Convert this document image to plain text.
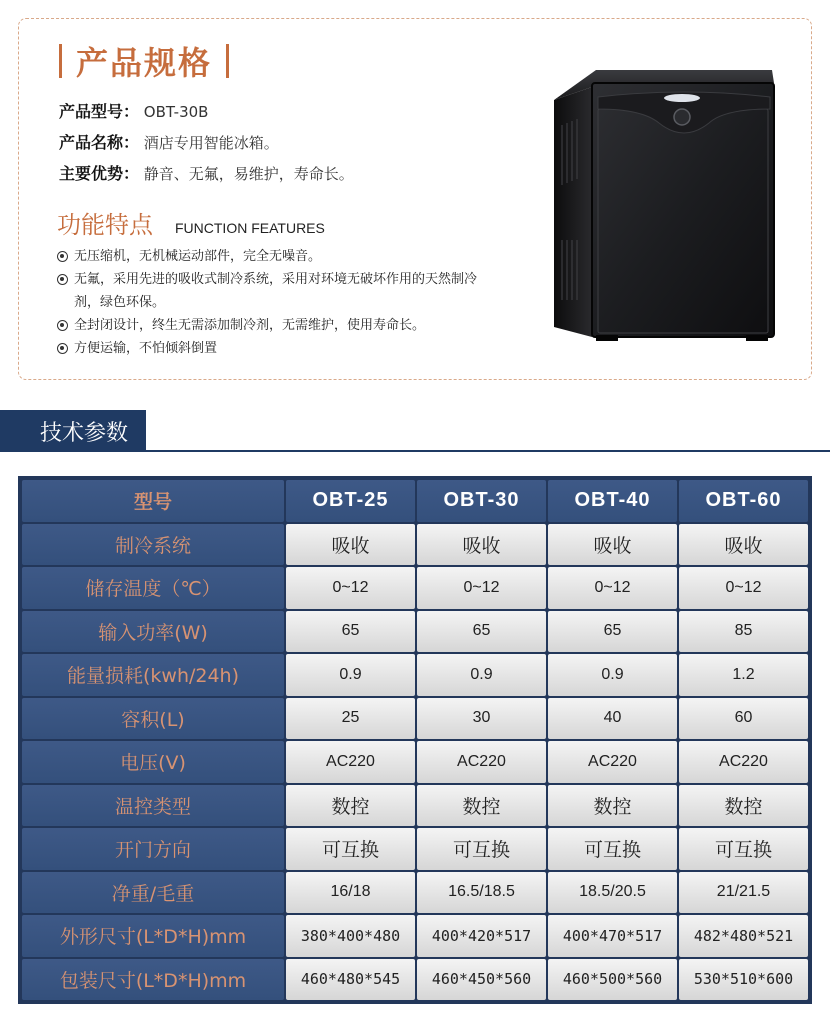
产品规格
产品型号： OBT-30B
产品名称： 酒店专用智能冰箱。
主要优势： 静音、无氟，易维护，寿命长。
功能特点 FUNCTION FEATURES
无压缩机，无机械运动部件，完全无噪音。
无氟，采用先进的吸收式制冷系统，采用对环境无破坏作用的天然制冷剂，绿色环保。
全封闭设计，终生无需添加制冷剂，无需维护，使用寿命长。
方便运输，不怕倾斜倒置
技术参数
型号	OBT-25	OBT-30	OBT-40	OBT-60
制冷系统	吸收	吸收	吸收	吸收
储存温度（℃）	0~12	0~12	0~12	0~12
输入功率(W)	65	65	65	85
能量损耗(kwh/24h)	0.9	0.9	0.9	1.2
容积(L)	25	30	40	60
电压(V)	AC220	AC220	AC220	AC220
温控类型	数控	数控	数控	数控
开门方向	可互换	可互换	可互换	可互换
净重/毛重	16/18	16.5/18.5	18.5/20.5	21/21.5
外形尺寸(L*D*H)mm	380*400*480	400*420*517	400*470*517	482*480*521
包装尺寸(L*D*H)mm	460*480*545	460*450*560	460*500*560	530*510*600
